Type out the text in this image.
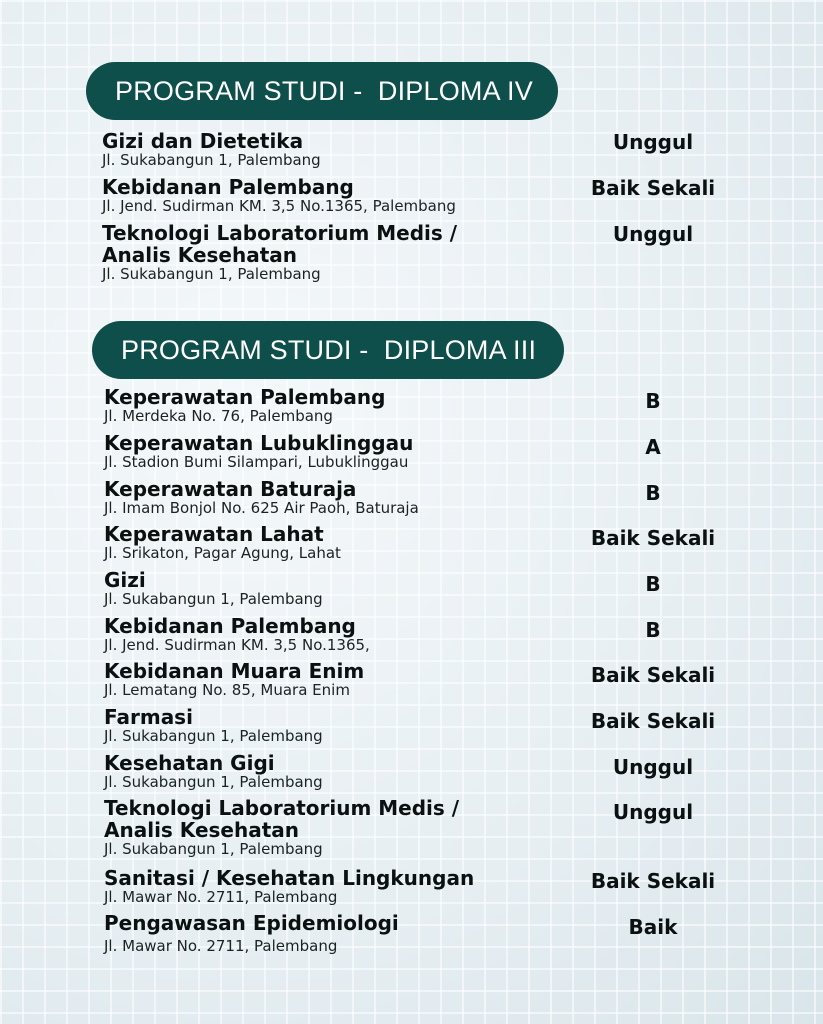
PROGRAM STUDI -  DIPLOMA IV
Gizi dan Dietetika
Jl. Sukabangun 1, Palembang
Unggul
Kebidanan Palembang
Jl. Jend. Sudirman KM. 3,5 No.1365, Palembang
Baik Sekali
Teknologi Laboratorium Medis /
Analis Kesehatan
Jl. Sukabangun 1, Palembang
Unggul
PROGRAM STUDI -  DIPLOMA III
Keperawatan Palembang
Jl. Merdeka No. 76, Palembang
B
Keperawatan Lubuklinggau
Jl. Stadion Bumi Silampari, Lubuklinggau
A
Keperawatan Baturaja
Jl. Imam Bonjol No. 625 Air Paoh, Baturaja
B
Keperawatan Lahat
Jl. Srikaton, Pagar Agung, Lahat
Baik Sekali
Gizi
Jl. Sukabangun 1, Palembang
B
Kebidanan Palembang
Jl. Jend. Sudirman KM. 3,5 No.1365,
B
Kebidanan Muara Enim
Jl. Lematang No. 85, Muara Enim
Baik Sekali
Farmasi
Jl. Sukabangun 1, Palembang
Baik Sekali
Kesehatan Gigi
Jl. Sukabangun 1, Palembang
Unggul
Teknologi Laboratorium Medis /
Analis Kesehatan
Jl. Sukabangun 1, Palembang
Unggul
Sanitasi / Kesehatan Lingkungan
Jl. Mawar No. 2711, Palembang
Baik Sekali
Pengawasan Epidemiologi
Jl. Mawar No. 2711, Palembang
Baik
